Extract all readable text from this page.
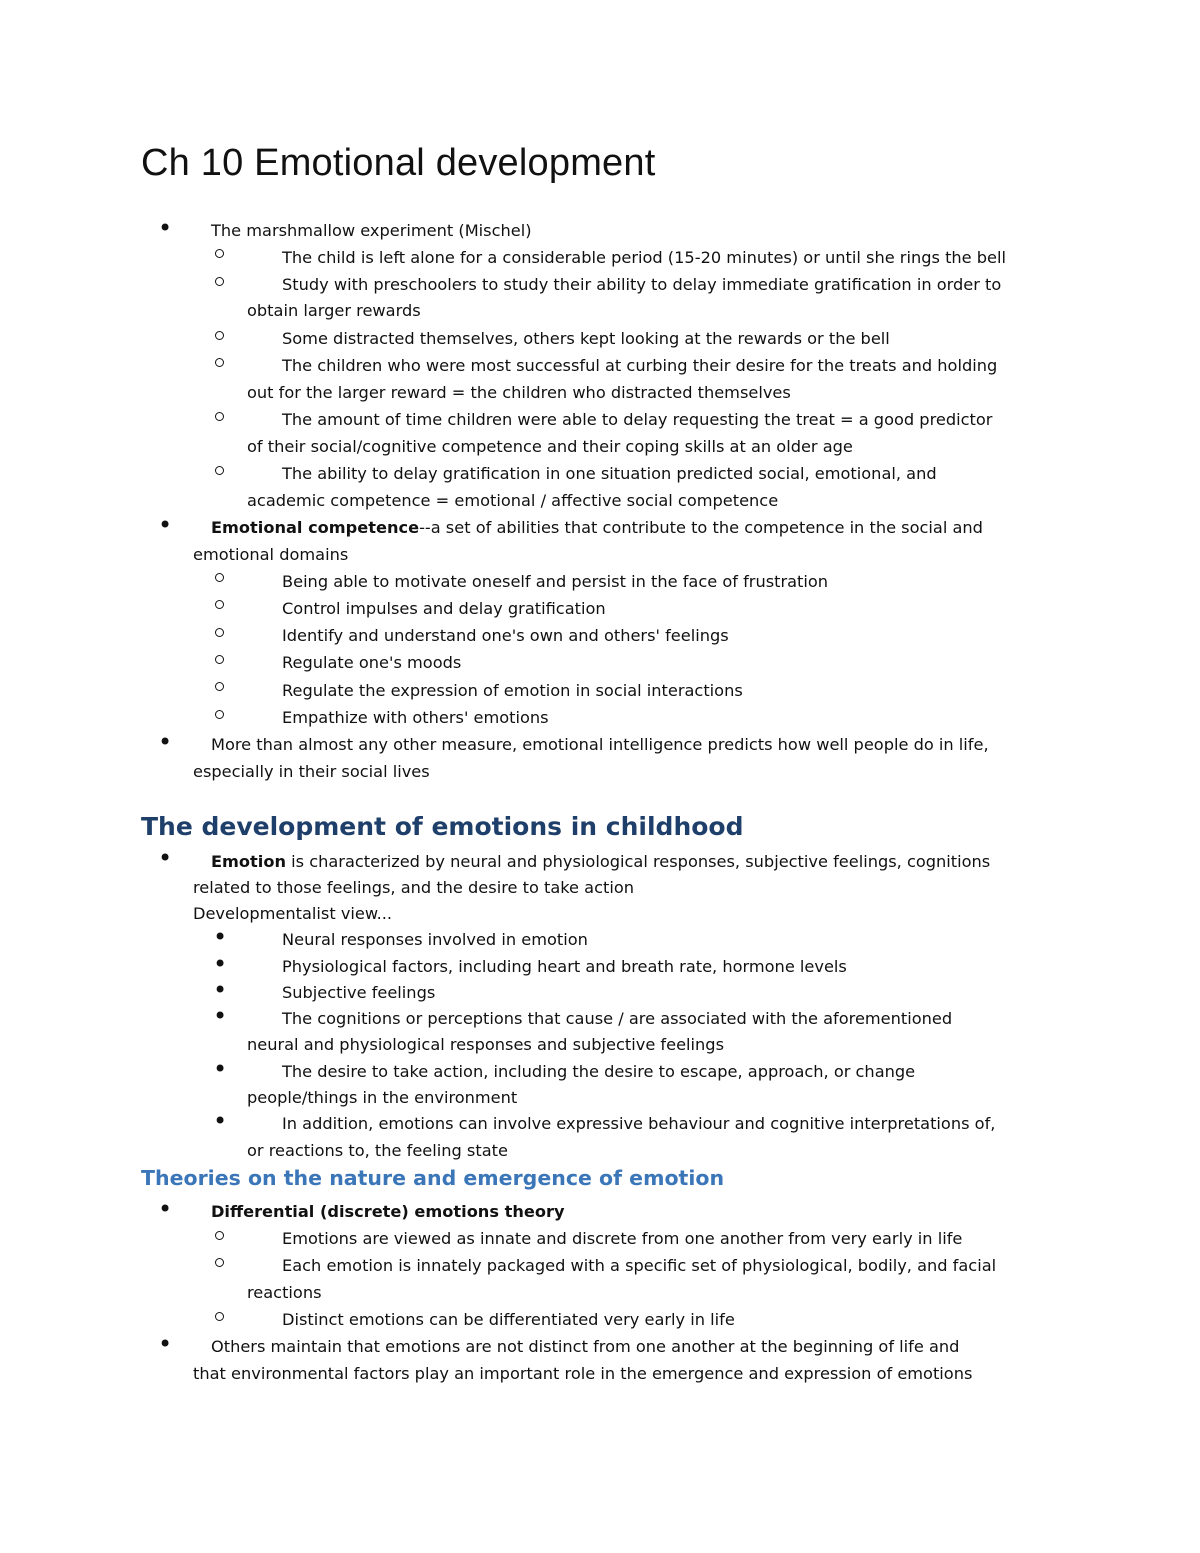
Ch 10 Emotional development
• The marshmallow experiment (Mischel)
The child is left alone for a considerable period (15-20 minutes) or until she rings the bell
Study with preschoolers to study their ability to delay immediate gratification in order to
obtain larger rewards
Some distracted themselves, others kept looking at the rewards or the bell
The children who were most successful at curbing their desire for the treats and holding
out for the larger reward = the children who distracted themselves
The amount of time children were able to delay requesting the treat = a good predictor
of their social/cognitive competence and their coping skills at an older age
The ability to delay gratification in one situation predicted social, emotional, and
academic competence = emotional / affective social competence
• Emotional competence--a set of abilities that contribute to the competence in the social and
emotional domains
Being able to motivate oneself and persist in the face of frustration
Control impulses and delay gratification
Identify and understand one's own and others' feelings
Regulate one's moods
Regulate the expression of emotion in social interactions
Empathize with others' emotions
• More than almost any other measure, emotional intelligence predicts how well people do in life,
especially in their social lives
The development of emotions in childhood
• Emotion is characterized by neural and physiological responses, subjective feelings, cognitions
related to those feelings, and the desire to take action
Developmentalist view...
•	Neural responses involved in emotion
•	Physiological factors, including heart and breath rate, hormone levels
•	Subjective feelings
•	The cognitions or perceptions that cause / are associated with the aforementioned
neural and physiological responses and subjective feelings
•	The desire to take action, including the desire to escape, approach, or change
people/things in the environment
•	In addition, emotions can involve expressive behaviour and cognitive interpretations of,
or reactions to, the feeling state
Theories on the nature and emergence of emotion
• Differential (discrete) emotions theory
Emotions are viewed as innate and discrete from one another from very early in life
Each emotion is innately packaged with a specific set of physiological, bodily, and facial
reactions
Distinct emotions can be differentiated very early in life
• Others maintain that emotions are not distinct from one another at the beginning of life and
that environmental factors play an important role in the emergence and expression of emotions
